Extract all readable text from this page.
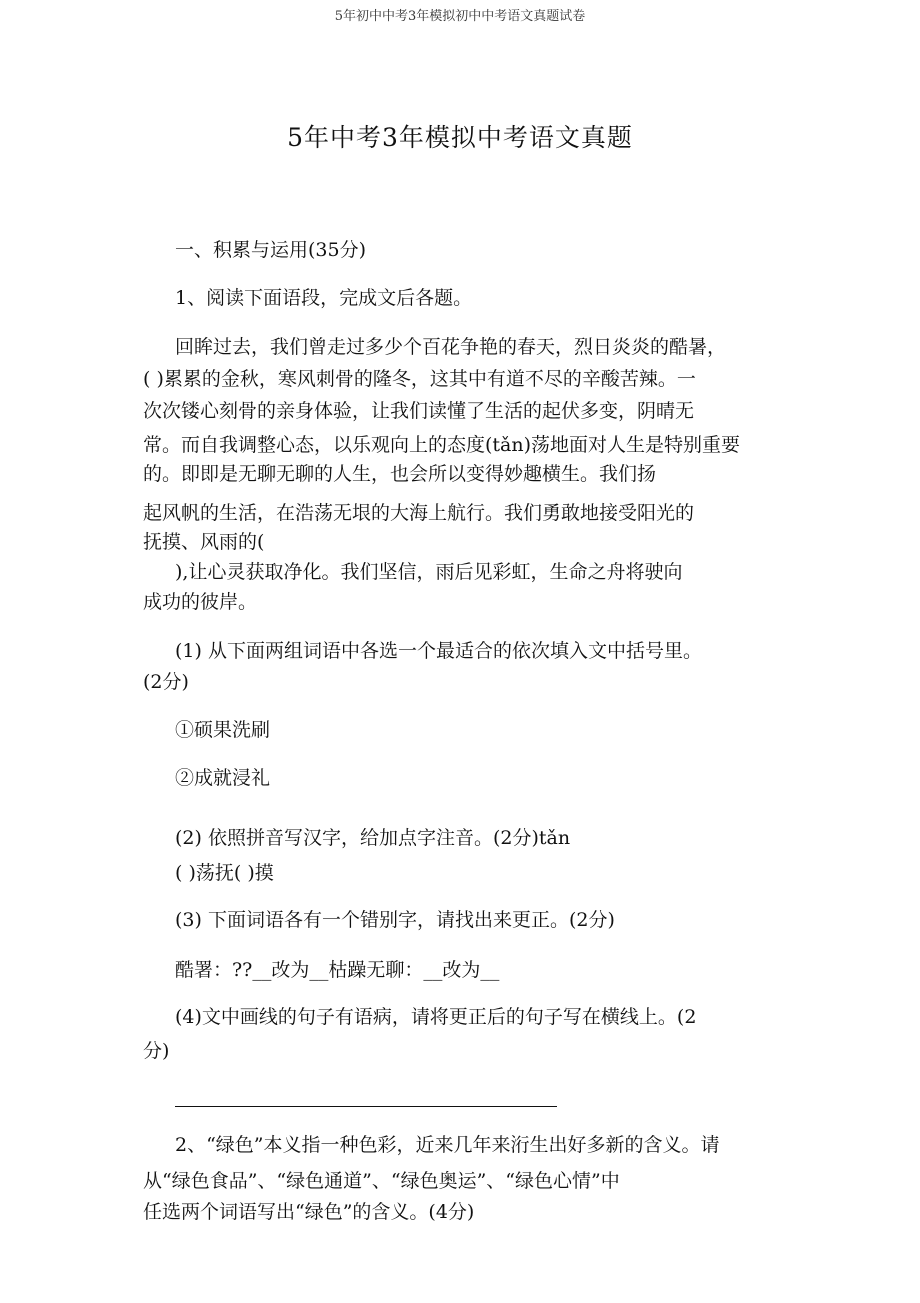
5年初中中考3年模拟初中中考语文真题试卷
5年中考3年模拟中考语文真题
一、积累与运用(35分)
1、阅读下面语段，完成文后各题。
回眸过去，我们曾走过多少个百花争艳的春天，烈日炎炎的酷暑，
( )累累的金秋，寒风刺骨的隆冬，这其中有道不尽的辛酸苦辣。一
次次镂心刻骨的亲身体验，让我们读懂了生活的起伏多变，阴晴无
常。而自我调整心态，以乐观向上的态度(tǎn)荡地面对人生是特别重要
的。即即是无聊无聊的人生，也会所以变得妙趣横生。我们扬
起风帆的生活，在浩荡无垠的大海上航行。我们勇敢地接受阳光的
抚摸、风雨的(
),让心灵获取净化。我们坚信，雨后见彩虹，生命之舟将驶向
成功的彼岸。
(1) 从下面两组词语中各选一个最适合的依次填入文中括号里。
(2分)
①硕果洗刷
②成就浸礼
(2) 依照拼音写汉字，给加点字注音。(2分)tǎn
( )荡抚( )摸
(3) 下面词语各有一个错别字，请找出来更正。(2分)
酷署：??__改为__枯躁无聊：__改为__
(4)文中画线的句子有语病，请将更正后的句子写在横线上。(2
分)
2、“绿色”本义指一种色彩，近来几年来洐生出好多新的含义。请
从“绿色食品”、“绿色通道”、“绿色奥运”、“绿色心情”中
任选两个词语写出“绿色”的含义。(4分)
